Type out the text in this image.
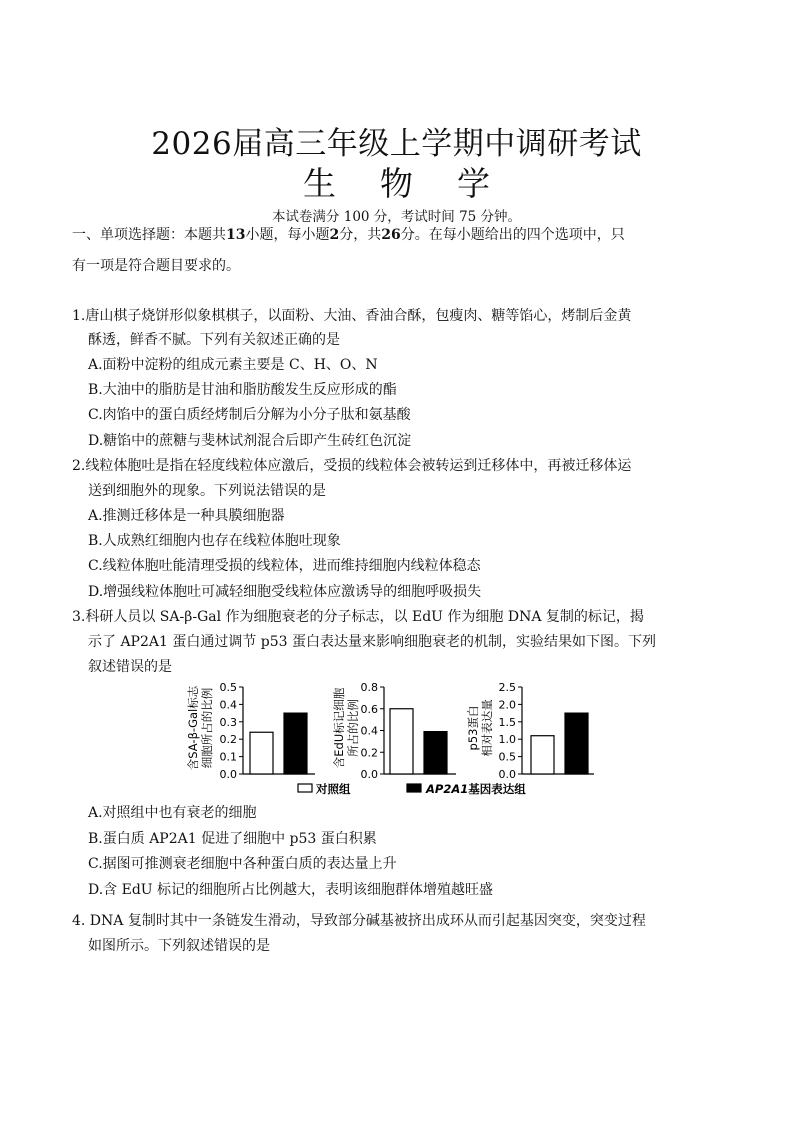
2026届高三年级上学期中调研考试
生物学
本试卷满分 100 分，考试时间 75 分钟。
一、单项选择题：本题共13小题，每小题2分，共26分。在每小题给出的四个选项中，只
有一项是符合题目要求的。
1.唐山棋子烧饼形似象棋棋子，以面粉、大油、香油合酥，包瘦肉、糖等馅心，烤制后金黄
酥透，鲜香不腻。下列有关叙述正确的是
A.面粉中淀粉的组成元素主要是 C、H、O、N
B.大油中的脂肪是甘油和脂肪酸发生反应形成的酯
C.肉馅中的蛋白质经烤制后分解为小分子肽和氨基酸
D.糖馅中的蔗糖与斐林试剂混合后即产生砖红色沉淀
2.线粒体胞吐是指在轻度线粒体应激后，受损的线粒体会被转运到迁移体中，再被迁移体运
送到细胞外的现象。下列说法错误的是
A.推测迁移体是一种具膜细胞器
B.人成熟红细胞内也存在线粒体胞吐现象
C.线粒体胞吐能清理受损的线粒体，进而维持细胞内线粒体稳态
D.增强线粒体胞吐可减轻细胞受线粒体应激诱导的细胞呼吸损失
3.科研人员以 SA-β-Gal 作为细胞衰老的分子标志，以 EdU 作为细胞 DNA 复制的标记，揭
示了 AP2A1 蛋白通过调节 p53 蛋白表达量来影响细胞衰老的机制，实验结果如下图。下列
叙述错误的是
含SA-β-Gal标志 细胞所占的比例
0.0
0.1
0.2
0.3
0.4
0.5
含EdU标记细胞 所占的比例
0.0
0.2
0.4
0.6
0.8
p53蛋白 相对表达量
0.0
0.5
1.0
1.5
2.0
2.5
对照组	AP2A1基因表达组
A.对照组中也有衰老的细胞
B.蛋白质 AP2A1 促进了细胞中 p53 蛋白积累
C.据图可推测衰老细胞中各种蛋白质的表达量上升
D.含 EdU 标记的细胞所占比例越大，表明该细胞群体增殖越旺盛
4. DNA 复制时其中一条链发生滑动，导致部分碱基被挤出成环从而引起基因突变，突变过程
如图所示。下列叙述错误的是
